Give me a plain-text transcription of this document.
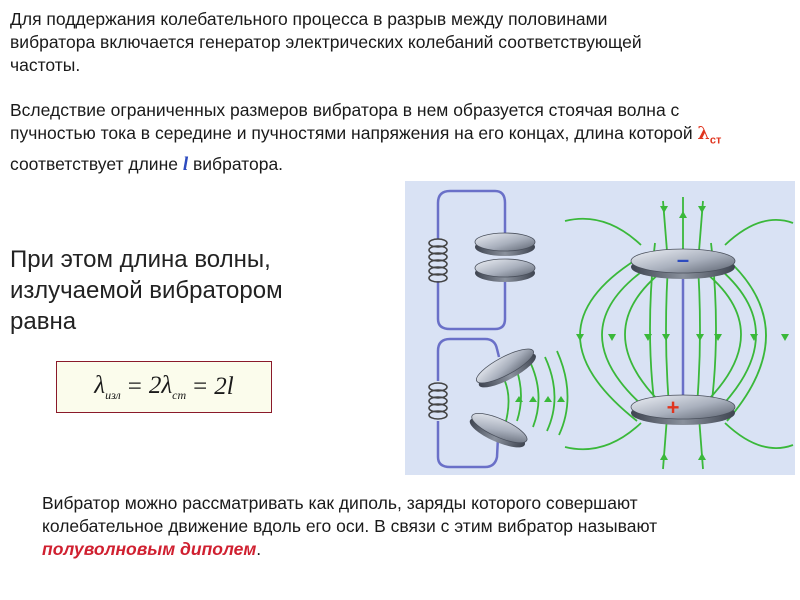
Для поддержания колебательного процесса в разрыв между половинами вибратора включается генератор электрических колебаний соответствующей частоты.

Вследствие ограниченных размеров вибратора в нем образуется стоячая волна с пучностью тока в середине и пучностями напряжения на его концах, длина которой $\lambda_{ст}$ соответствует длине l вибратора.

При этом длина волны, излучаемой вибратором равна

$\lambda_{изл} = 2\lambda_{ст} = 2l$
–
+

Вибратор можно рассматривать как диполь, заряды которого совершают колебательное движение вдоль его оси. В связи с этим вибратор называют полуволновым диполем.
